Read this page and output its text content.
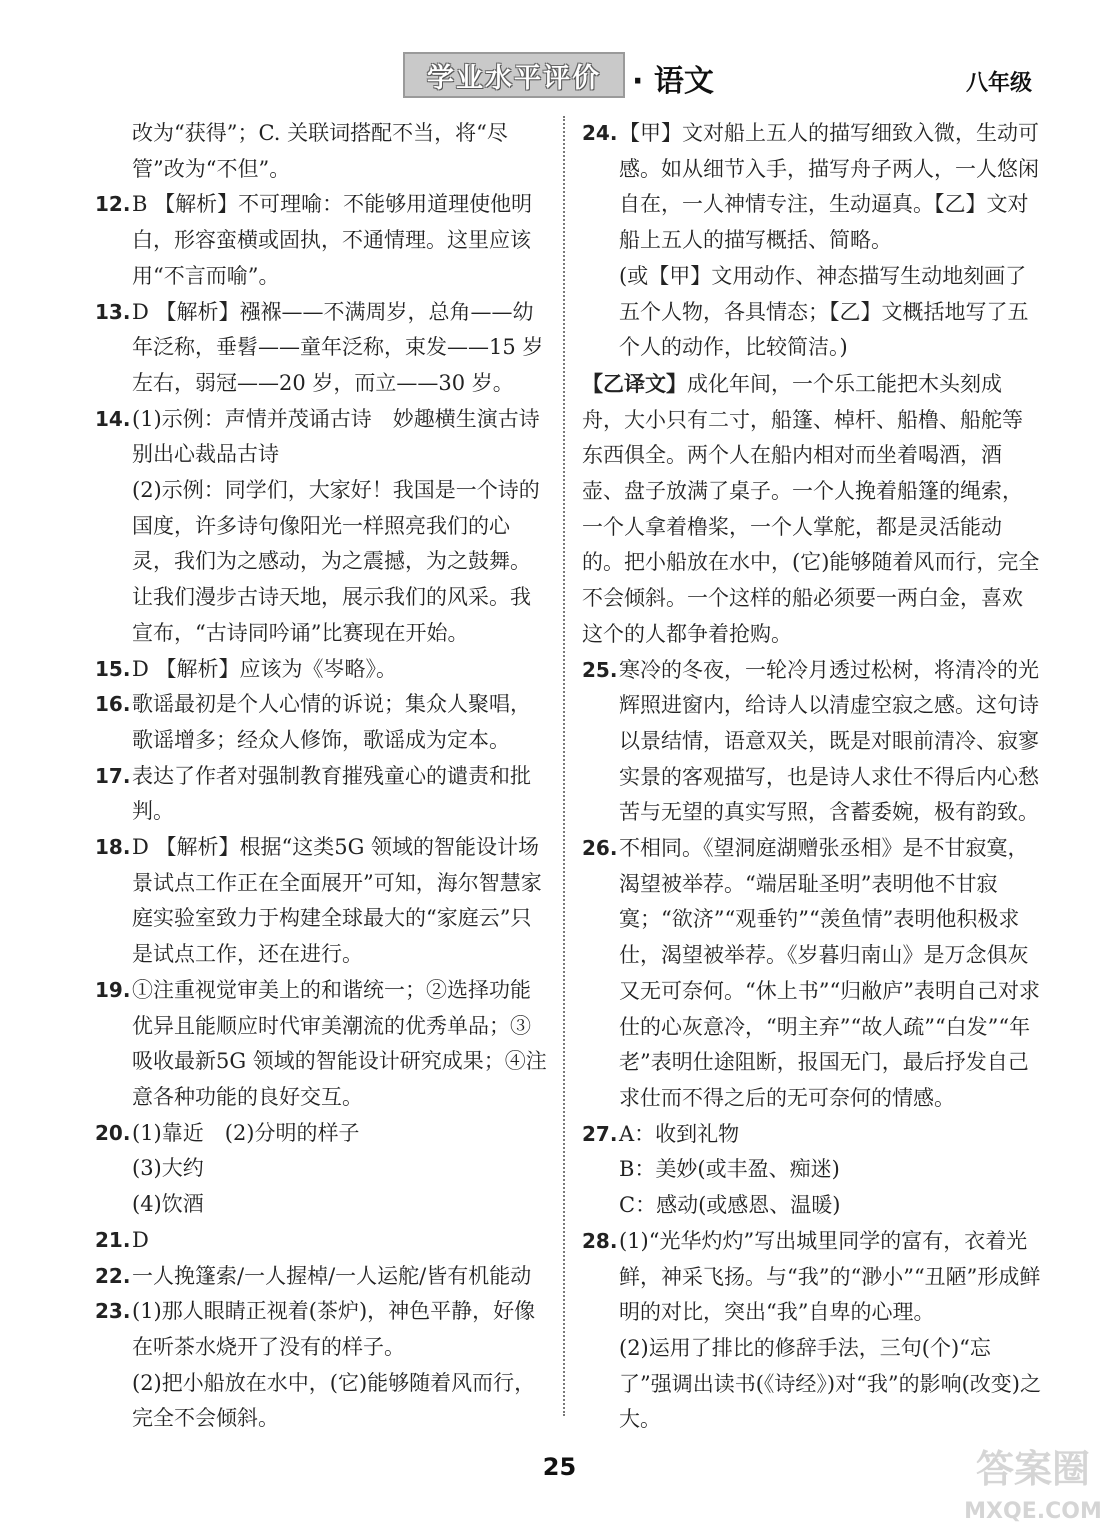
学业水平评价	· 语文	八年级

改为“获得”；C. 关联词搭配不当，将“尽管”改为“不但”。

12. B 【解析】不可理喻：不能够用道理使他明白，形容蛮横或固执，不通情理。这里应该用“不言而喻”。
13. D 【解析】襁褓——不满周岁，总角——幼年泛称，垂髫——童年泛称，束发——15 岁左右，弱冠——20 岁，而立——30 岁。
14. (1)示例：声情并茂诵古诗　妙趣横生演古诗　别出心裁品古诗
(2)示例：同学们，大家好！我国是一个诗的国度，许多诗句像阳光一样照亮我们的心灵，我们为之感动，为之震撼，为之鼓舞。让我们漫步古诗天地，展示我们的风采。我宣布，“古诗同吟诵”比赛现在开始。
15. D 【解析】应该为《岑略》。
16. 歌谣最初是个人心情的诉说；集众人聚唱，歌谣增多；经众人修饰，歌谣成为定本。
17. 表达了作者对强制教育摧残童心的谴责和批判。
18. D 【解析】根据“这类5G 领域的智能设计场景试点工作正在全面展开”可知，海尔智慧家庭实验室致力于构建全球最大的“家庭云”只是试点工作，还在进行。
19. ①注重视觉审美上的和谐统一；②选择功能优异且能顺应时代审美潮流的优秀单品；③吸收最新5G 领域的智能设计研究成果；④注意各种功能的良好交互。
20. (1)靠近　(2)分明的样子
(3)大约
(4)饮酒
21. D
22. 一人挽篷索/一人握棹/一人运舵/皆有机能动
23. (1)那人眼睛正视着(茶炉)，神色平静，好像在听茶水烧开了没有的样子。
(2)把小船放在水中，(它)能够随着风而行，完全不会倾斜。
24. 【甲】文对船上五人的描写细致入微，生动可感。如从细节入手，描写舟子两人，一人悠闲自在，一人神情专注，生动逼真。【乙】文对船上五人的描写概括、简略。
(或【甲】文用动作、神态描写生动地刻画了五个人物，各具情态；【乙】文概括地写了五个人的动作，比较简洁。)

【乙译文】成化年间，一个乐工能把木头刻成舟，大小只有二寸，船篷、棹杆、船橹、船舵等东西俱全。两个人在船内相对而坐着喝酒，酒壶、盘子放满了桌子。一个人挽着船篷的绳索，一个人拿着橹桨，一个人掌舵，都是灵活能动的。把小船放在水中，(它)能够随着风而行，完全不会倾斜。一个这样的船必须要一两白金，喜欢这个的人都争着抢购。

25. 寒冷的冬夜，一轮冷月透过松树，将清冷的光辉照进窗内，给诗人以清虚空寂之感。这句诗以景结情，语意双关，既是对眼前清冷、寂寥实景的客观描写，也是诗人求仕不得后内心愁苦与无望的真实写照，含蓄委婉，极有韵致。
26. 不相同。《望洞庭湖赠张丞相》是不甘寂寞，渴望被举荐。“端居耻圣明”表明他不甘寂寞；“欲济”“观垂钓”“羡鱼情”表明他积极求仕，渴望被举荐。《岁暮归南山》是万念俱灰又无可奈何。“休上书”“归敝庐”表明自己对求仕的心灰意冷，“明主弃”“故人疏”“白发”“年老”表明仕途阻断，报国无门，最后抒发自己求仕而不得之后的无可奈何的情感。
27. A：收到礼物
B：美妙(或丰盈、痴迷)
C：感动(或感恩、温暖)
28. (1)“光华灼灼”写出城里同学的富有，衣着光鲜，神采飞扬。与“我”的“渺小”“丑陋”形成鲜明的对比，突出“我”自卑的心理。
(2)运用了排比的修辞手法，三句(个)“忘了”强调出读书(《诗经》)对“我”的影响(改变)之大。
25	答案圈
MXQE.COM
